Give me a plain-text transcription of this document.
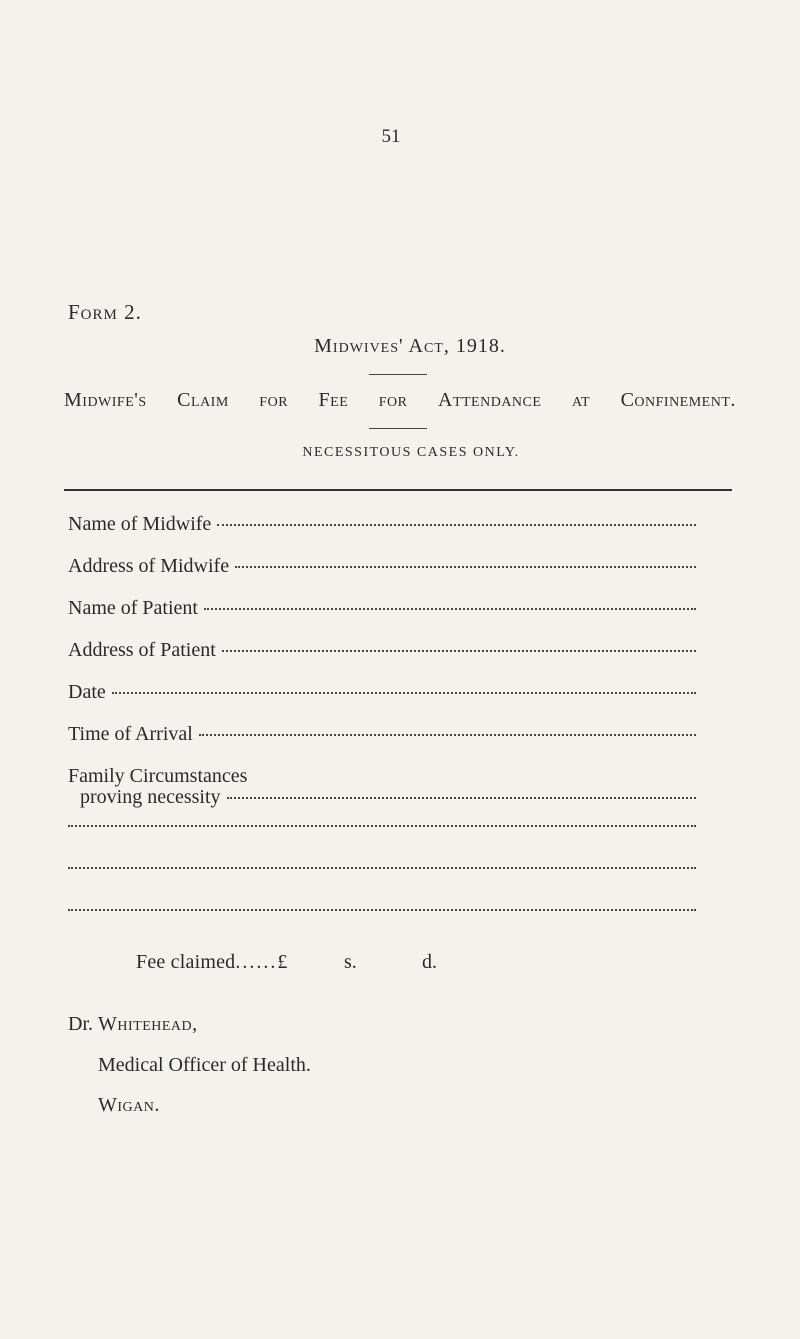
51
Form 2.
Midwives' Act, 1918.
Midwife's Claim for Fee for Attendance at Confinement.
NECESSITOUS CASES ONLY.
Name of Midwife
Address of Midwife
Name of Patient
Address of Patient
Date
Time of Arrival
Family Circumstances
proving necessity
Fee claimed......£	s.	d.
Dr. Whitehead,
Medical Officer of Health.
Wigan.
